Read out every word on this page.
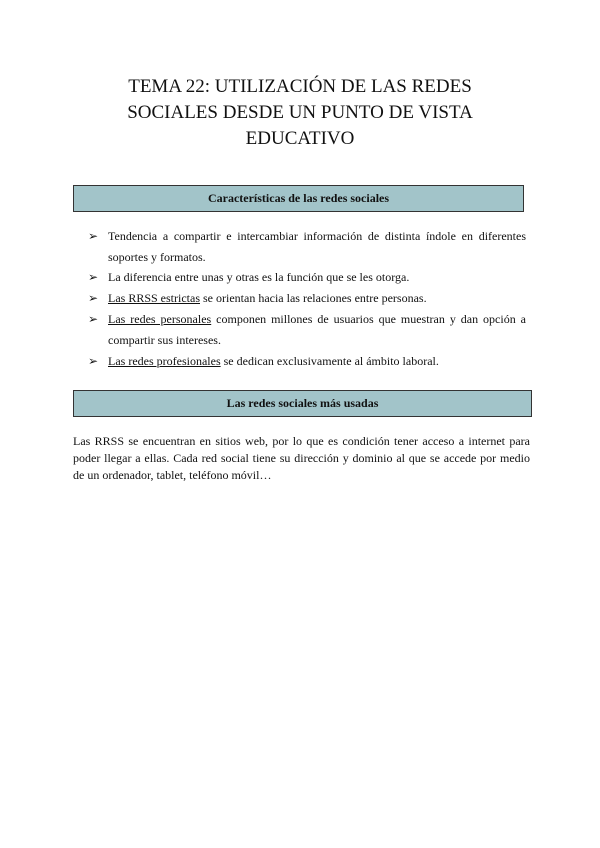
TEMA 22: UTILIZACIÓN DE LAS REDES
SOCIALES DESDE UN PUNTO DE VISTA
EDUCATIVO
Características de las redes sociales
➢ Tendencia a compartir e intercambiar información de distinta índole en diferentes
soportes y formatos.
➢ La diferencia entre unas y otras es la función que se les otorga.
➢ Las RRSS estrictas se orientan hacia las relaciones entre personas.
➢ Las redes personales componen millones de usuarios que muestran y dan opción a
compartir sus intereses.
➢ Las redes profesionales se dedican exclusivamente al ámbito laboral.
Las redes sociales más usadas
Las RRSS se encuentran en sitios web, por lo que es condición tener acceso a internet para
poder llegar a ellas. Cada red social tiene su dirección y dominio al que se accede por medio
de un ordenador, tablet, teléfono móvil…
